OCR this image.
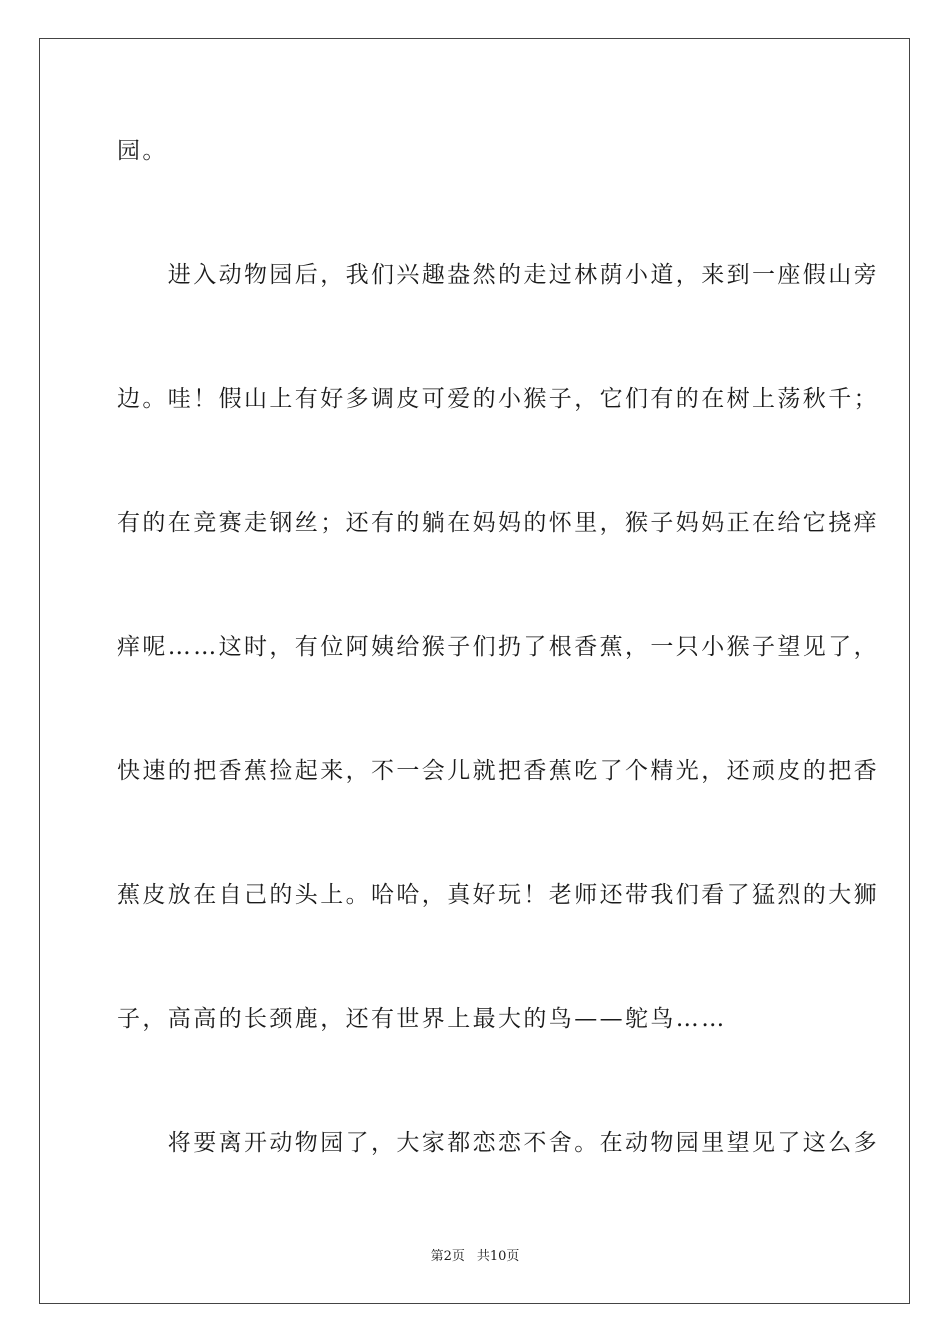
园。
　　进入动物园后，我们兴趣盎然的走过林荫小道，来到一座假山旁
边。哇！假山上有好多调皮可爱的小猴子，它们有的在树上荡秋千；
有的在竞赛走钢丝；还有的躺在妈妈的怀里，猴子妈妈正在给它挠痒
痒呢……这时，有位阿姨给猴子们扔了根香蕉，一只小猴子望见了，
快速的把香蕉捡起来，不一会儿就把香蕉吃了个精光，还顽皮的把香
蕉皮放在自己的头上。哈哈，真好玩！老师还带我们看了猛烈的大狮
子，高高的长颈鹿，还有世界上最大的鸟——鸵鸟……
　　将要离开动物园了，大家都恋恋不舍。在动物园里望见了这么多
第2页 共10页
